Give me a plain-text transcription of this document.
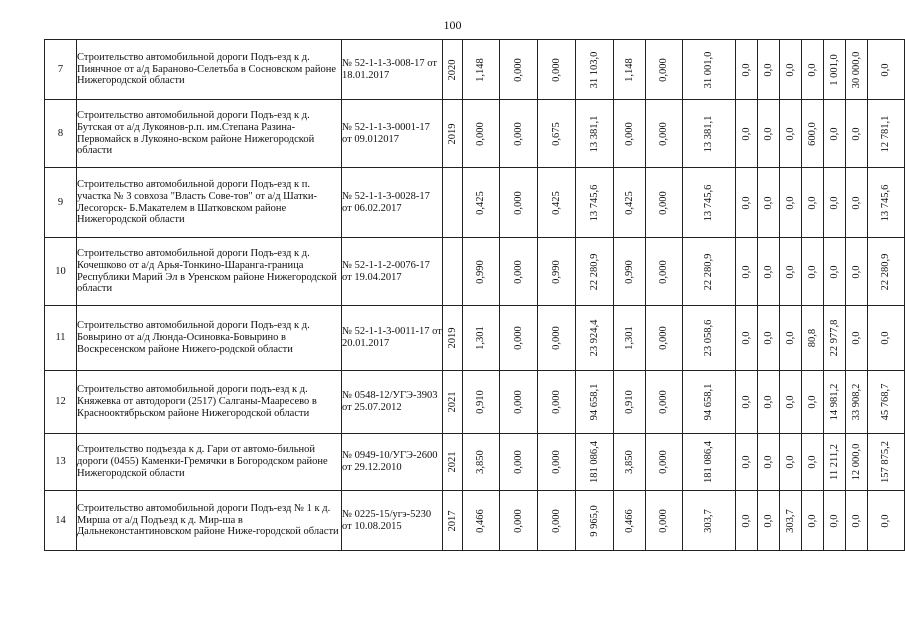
100
7	Строительство автомобильной дороги Подъ-езд к д. Пиянчное от а/д Бараново-Селетьба в Сосновском районе Нижегородской области	№ 52-1-1-3-008-17 от 18.01.2017	2020	1,148	0,000	0,000	31 103,0	1,148	0,000	31 001,0	0,0	0,0	0,0	0,0	1 001,0	30 000,0	0,0

8	Строительство автомобильной дороги Подъ-езд к д. Бутская от а/д Лукоянов-р.п. им.Степана Разина-Первомайск в Лукояно-вском районе Нижегородской области	№ 52-1-1-3-0001-17 от 09.012017	2019	0,000	0,000	0,675	13 381,1	0,000	0,000	13 381,1	0,0	0,0	0,0	600,0	0,0	0,0	12 781,1

9	Строительство автомобильной дороги Подъ-езд к п. участка № 3 совхоза "Власть Сове-тов" от а/д Шатки-Лесогорск- Б.Макателем в Шатковском районе Нижегородской области	№ 52-1-1-3-0028-17 от 06.02.2017		0,425	0,000	0,425	13 745,6	0,425	0,000	13 745,6	0,0	0,0	0,0	0,0	0,0	0,0	13 745,6

10	Строительство автомобильной дороги Подъ-езд к д. Кочешково от а/д Арья-Тонкино-Шаранга-граница Республики Марий Эл в Уренском районе Нижегородской области	№ 52-1-1-2-0076-17 от 19.04.2017		0,990	0,000	0,990	22 280,9	0,990	0,000	22 280,9	0,0	0,0	0,0	0,0	0,0	0,0	22 280,9

11	Строительство автомобильной дороги Подъ-езд к д. Бовырино от а/д Люнда-Осиновка-Бовырино в Воскресенском районе Нижего-родской области	№ 52-1-1-3-0011-17 от 20.01.2017	2019	1,301	0,000	0,000	23 924,4	1,301	0,000	23 058,6	0,0	0,0	0,0	80,8	22 977,8	0,0	0,0

12	Строительство автомобильной дороги подъ-езд к д. Княжевка от автодороги (2517) Салганы-Мааресево в Краснооктябрьском районе Нижегородской области	№ 0548-12/УГЭ-3903 от 25.07.2012	2021	0,910	0,000	0,000	94 658,1	0,910	0,000	94 658,1	0,0	0,0	0,0	0,0	14 981,2	33 908,2	45 768,7

13	Строительство подъезда к д. Гари от автомо-бильной дороги (0455) Каменки-Гремячки в Богородском районе Нижегородской области	№ 0949-10/УГЭ-2600 от 29.12.2010	2021	3,850	0,000	0,000	181 086,4	3,850	0,000	181 086,4	0,0	0,0	0,0	0,0	11 211,2	12 000,0	157 875,2

14	Строительство автомобильной дороги Подъ-езд № 1 к д. Мирша от а/д Подъезд к д. Мир-ша в Дальнеконстантиновском районе Ниже-городской области	№ 0225-15/угэ-5230 от 10.08.2015	2017	0,466	0,000	0,000	9 965,0	0,466	0,000	303,7	0,0	0,0	303,7	0,0	0,0	0,0	0,0
